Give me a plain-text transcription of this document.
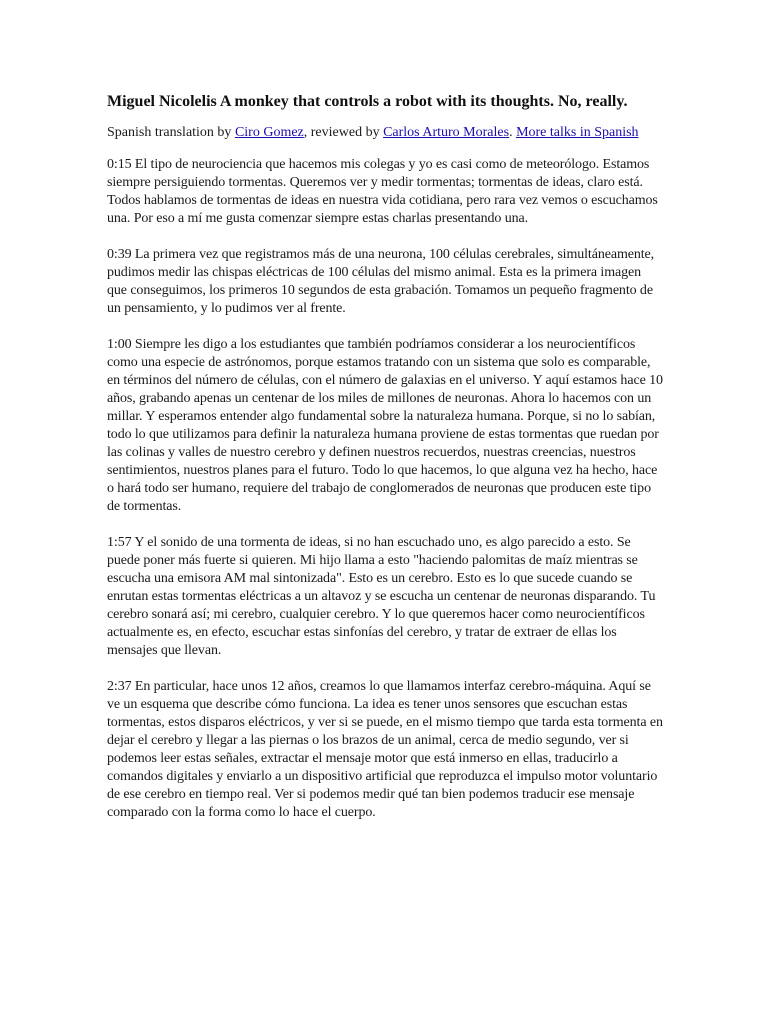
Miguel Nicolelis A monkey that controls a robot with its thoughts. No, really.
Spanish translation by Ciro Gomez, reviewed by Carlos Arturo Morales. More talks in Spanish

0:15 El tipo de neurociencia que hacemos mis colegas y yo es casi como de meteorólogo. Estamos siempre persiguiendo tormentas. Queremos ver y medir tormentas; tormentas de ideas, claro está. Todos hablamos de tormentas de ideas en nuestra vida cotidiana, pero rara vez vemos o escuchamos una. Por eso a mí me gusta comenzar siempre estas charlas presentando una.

0:39 La primera vez que registramos más de una neurona, 100 células cerebrales, simultáneamente, pudimos medir las chispas eléctricas de 100 células del mismo animal. Esta es la primera imagen que conseguimos, los primeros 10 segundos de esta grabación. Tomamos un pequeño fragmento de un pensamiento, y lo pudimos ver al frente.

1:00 Siempre les digo a los estudiantes que también podríamos considerar a los neurocientíficos como una especie de astrónomos, porque estamos tratando con un sistema que solo es comparable, en términos del número de células, con el número de galaxias en el universo. Y aquí estamos hace 10 años, grabando apenas un centenar de los miles de millones de neuronas. Ahora lo hacemos con un millar. Y esperamos entender algo fundamental sobre la naturaleza humana. Porque, si no lo sabían, todo lo que utilizamos para definir la naturaleza humana proviene de estas tormentas que ruedan por las colinas y valles de nuestro cerebro y definen nuestros recuerdos, nuestras creencias, nuestros sentimientos, nuestros planes para el futuro. Todo lo que hacemos, lo que alguna vez ha hecho, hace o hará todo ser humano, requiere del trabajo de conglomerados de neuronas que producen este tipo de tormentas.

1:57 Y el sonido de una tormenta de ideas, si no han escuchado uno, es algo parecido a esto. Se puede poner más fuerte si quieren. Mi hijo llama a esto "haciendo palomitas de maíz mientras se escucha una emisora AM mal sintonizada". Esto es un cerebro. Esto es lo que sucede cuando se enrutan estas tormentas eléctricas a un altavoz y se escucha un centenar de neuronas disparando. Tu cerebro sonará así; mi cerebro, cualquier cerebro. Y lo que queremos hacer como neurocientíficos actualmente es, en efecto, escuchar estas sinfonías del cerebro, y tratar de extraer de ellas los mensajes que llevan.

2:37 En particular, hace unos 12 años, creamos lo que llamamos interfaz cerebro-máquina. Aquí se ve un esquema que describe cómo funciona. La idea es tener unos sensores que escuchan estas tormentas, estos disparos eléctricos, y ver si se puede, en el mismo tiempo que tarda esta tormenta en dejar el cerebro y llegar a las piernas o los brazos de un animal, cerca de medio segundo, ver si podemos leer estas señales, extractar el mensaje motor que está inmerso en ellas, traducirlo a comandos digitales y enviarlo a un dispositivo artificial que reproduzca el impulso motor voluntario de ese cerebro en tiempo real. Ver si podemos medir qué tan bien podemos traducir ese mensaje comparado con la forma como lo hace el cuerpo.
